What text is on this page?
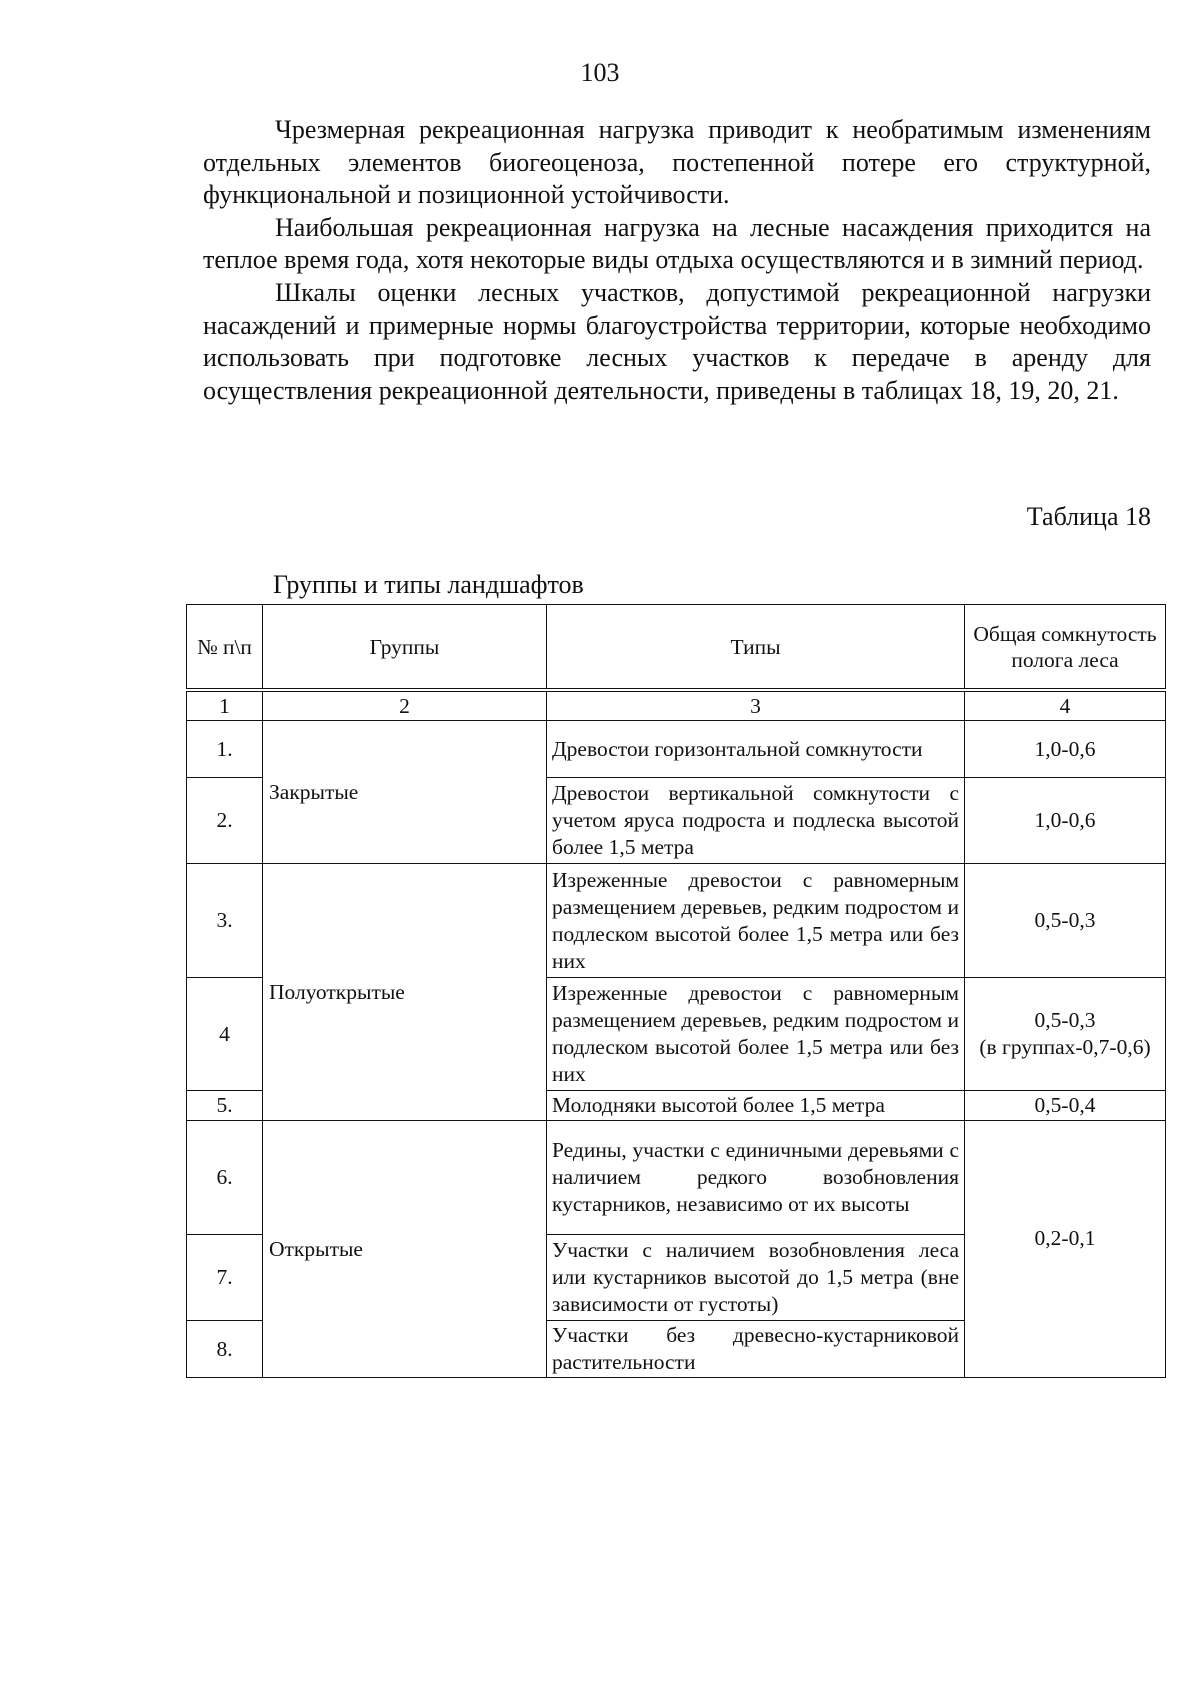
103

Чрезмерная рекреационная нагрузка приводит к необратимым изменениям отдельных элементов биогеоценоза, постепенной потере его структурной, функциональной и позиционной устойчивости.

Наибольшая рекреационная нагрузка на лесные насаждения приходится на теплое время года, хотя некоторые виды отдыха осуществляются и в зимний период.

Шкалы оценки лесных участков, допустимой рекреационной нагрузки насаждений и примерные нормы благоустройства территории, которые необходимо использовать при подготовке лесных участков к передаче в аренду для осуществления рекреационной деятельности, приведены в таблицах 18, 19, 20, 21.

Таблица 18
Группы и типы ландшафтов
№ п\п	Группы	Типы	Общая сомкнутость полога леса
1	2	3	4
1.	Закрытые	Древостои горизонтальной сомкнутости	1,0-0,6
2.		Древостои вертикальной сомкнутости с учетом яруса подроста и подлеска высотой более 1,5 метра	1,0-0,6
3.	Полуоткрытые	Изреженные древостои с равномерным размещением деревьев, редким подростом и подлеском высотой более 1,5 метра или без них	0,5-0,3
4		Изреженные древостои с равномерным размещением деревьев, редким подростом и подлеском высотой более 1,5 метра или без них	0,5-0,3
(в группах-0,7-0,6)

5.		Молодняки высотой более 1,5 метра	0,5-0,4
6.	Открытые	Редины, участки с единичными деревьями с наличием редкого возобновления кустарников, независимо от их высоты	0,2-0,1
7.		Участки с наличием возобновления леса или кустарников высотой до 1,5 метра (вне зависимости от густоты)	
8.		Участки без древесно-кустарниковой растительности	
